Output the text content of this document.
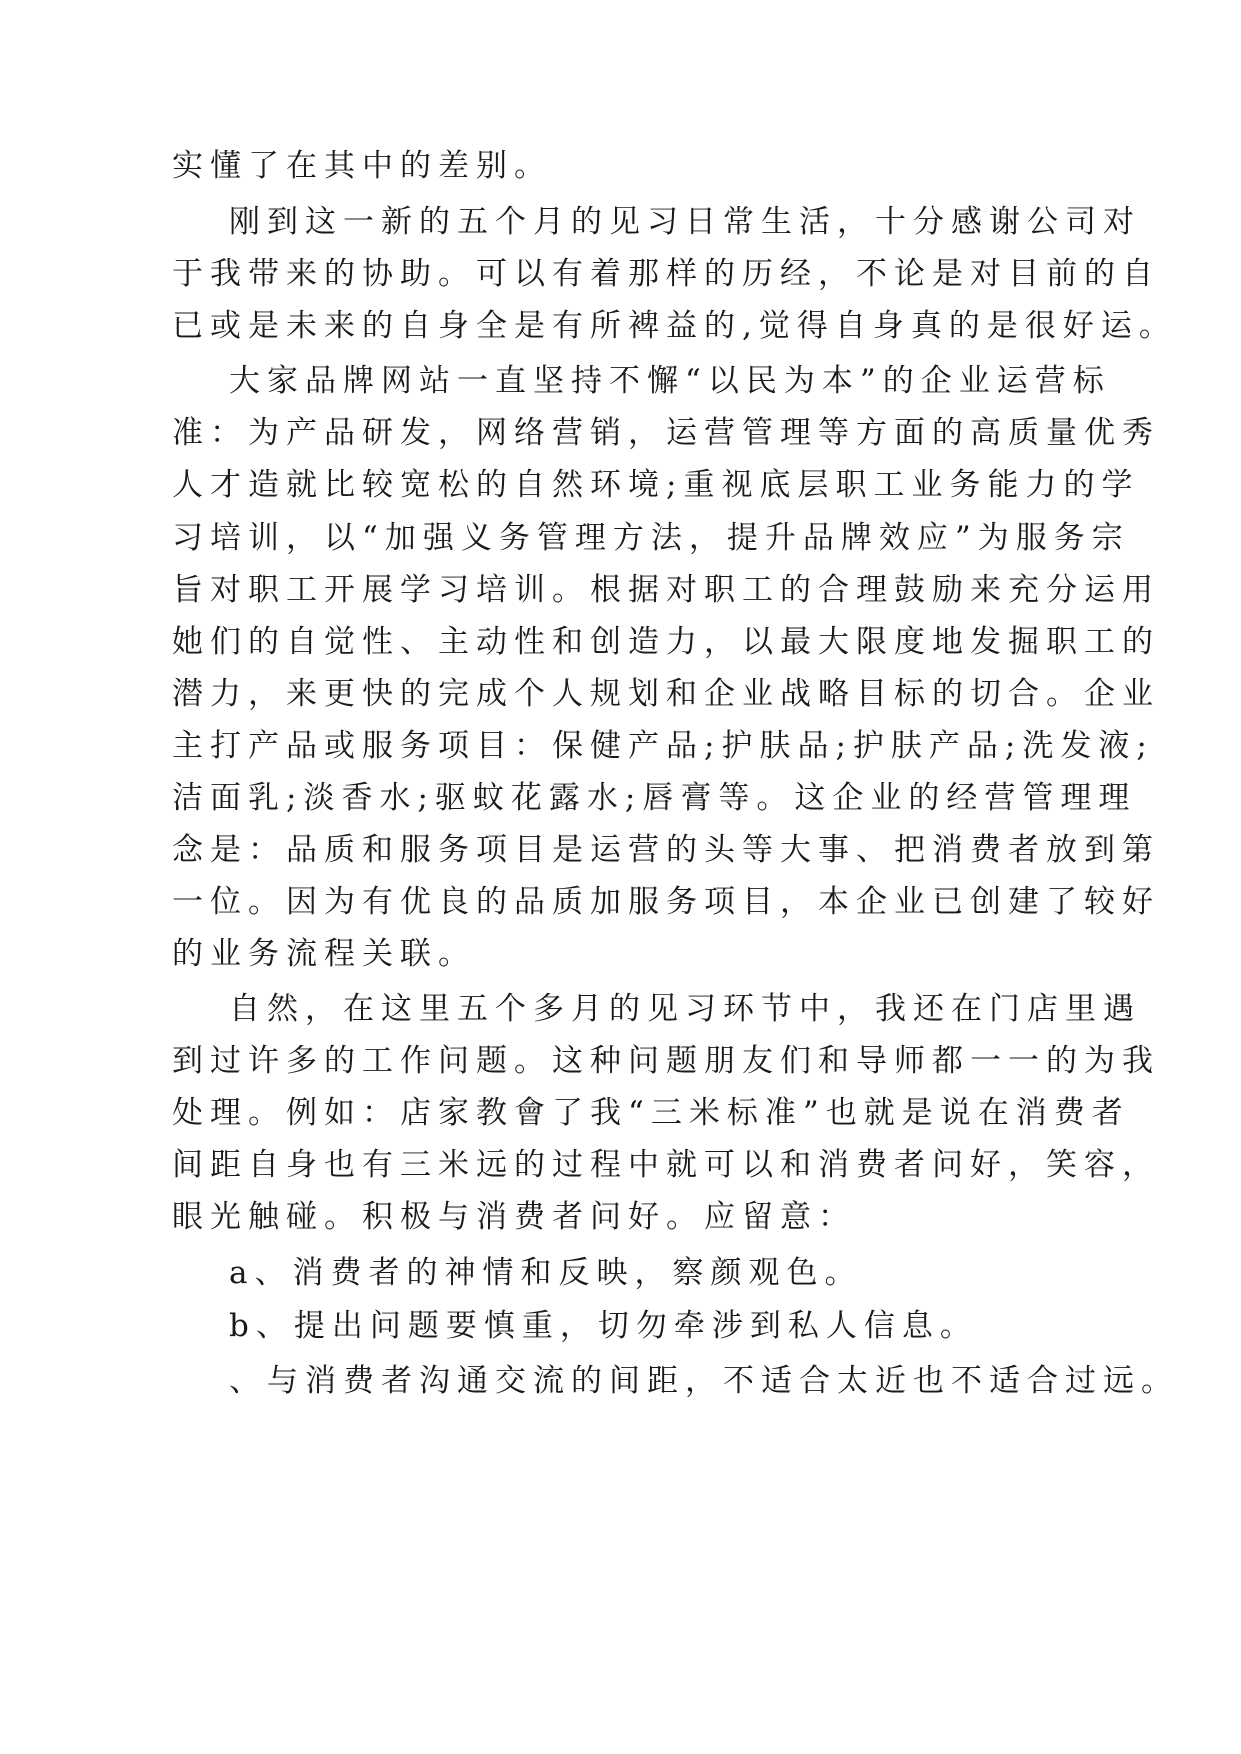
实懂了在其中的差别。
刚到这一新的五个月的见习日常生活，十分感谢公司对
于我带来的协助。可以有着那样的历经，不论是对目前的自
已或是未来的自身全是有所裨益的,觉得自身真的是很好运。
大家品牌网站一直坚持不懈“以民为本”的企业运营标
准：为产品研发，网络营销，运营管理等方面的高质量优秀
人才造就比较宽松的自然环境;重视底层职工业务能力的学
习培训，以“加强义务管理方法，提升品牌效应”为服务宗
旨对职工开展学习培训。根据对职工的合理鼓励来充分运用
她们的自觉性、主动性和创造力，以最大限度地发掘职工的
潜力，来更快的完成个人规划和企业战略目标的切合。企业
主打产品或服务项目：保健产品;护肤品;护肤产品;洗发液;
洁面乳;淡香水;驱蚊花露水;唇膏等。这企业的经营管理理
念是：品质和服务项目是运营的头等大事、把消费者放到第
一位。因为有优良的品质加服务项目，本企业已创建了较好
的业务流程关联。
自然，在这里五个多月的见习环节中，我还在门店里遇
到过许多的工作问题。这种问题朋友们和导师都一一的为我
处理。例如：店家教會了我“三米标准”也就是说在消费者
间距自身也有三米远的过程中就可以和消费者问好，笑容，
眼光触碰。积极与消费者问好。应留意：
a、消费者的神情和反映，察颜观色。
b、提出问题要慎重，切勿牵涉到私人信息。
、与消费者沟通交流的间距，不适合太近也不适合过远。
